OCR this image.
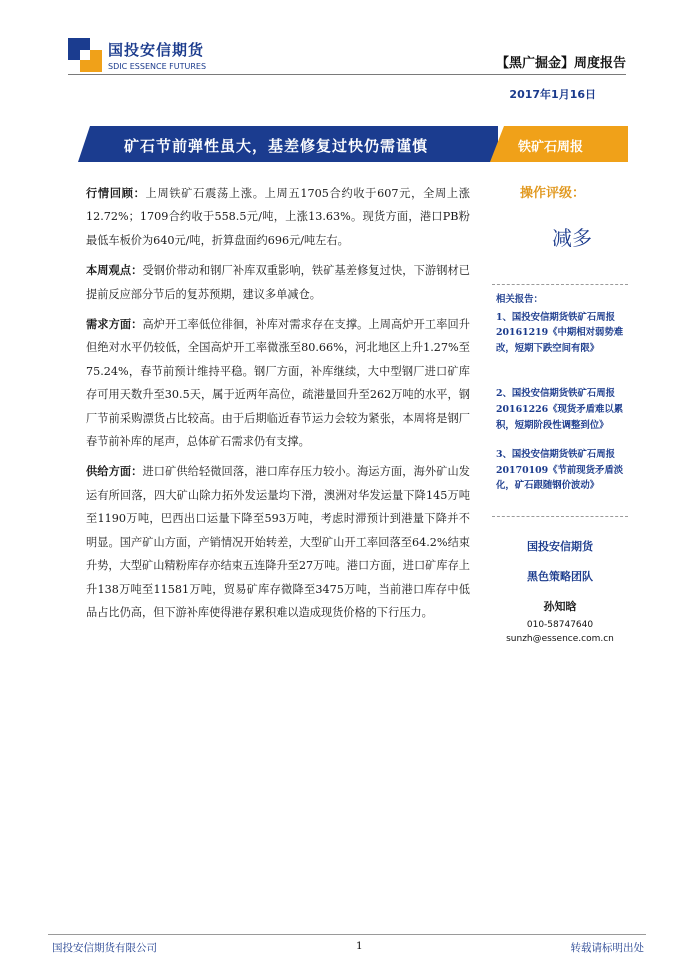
国投安信期货
SDIC ESSENCE FUTURES	【黑广掘金】周度报告
2017年1月16日
矿石节前弹性虽大，基差修复过快仍需谨慎	铁矿石周报

行情回顾：上周铁矿石震荡上涨。上周五1705合约收于607元，全周上涨12.72%；1709合约收于558.5元/吨，上涨13.63%。现货方面，港口PB粉最低车板价为640元/吨，折算盘面约696元/吨左右。

本周观点：受钢价带动和钢厂补库双重影响，铁矿基差修复过快，下游钢材已提前反应部分节后的复苏预期，建议多单减仓。

需求方面：高炉开工率低位徘徊，补库对需求存在支撑。上周高炉开工率回升但绝对水平仍较低，全国高炉开工率微涨至80.66%，河北地区上升1.27%至75.24%，春节前预计维持平稳。钢厂方面，补库继续，大中型钢厂进口矿库存可用天数升至30.5天，属于近两年高位，疏港量回升至262万吨的水平，钢厂节前采购漂货占比较高。由于后期临近春节运力会较为紧张，本周将是钢厂春节前补库的尾声，总体矿石需求仍有支撑。

供给方面：进口矿供给轻微回落，港口库存压力较小。海运方面，海外矿山发运有所回落，四大矿山除力拓外发运量均下滑，澳洲对华发运量下降145万吨至1190万吨，巴西出口运量下降至593万吨，考虑时滞预计到港量下降并不明显。国产矿山方面，产销情况开始转差，大型矿山开工率回落至64.2%结束升势，大型矿山精粉库存亦结束五连降升至27万吨。港口方面，进口矿库存上升138万吨至11581万吨，贸易矿库存微降至3475万吨，当前港口库存中低品占比仍高，但下游补库使得港存累积难以造成现货价格的下行压力。

操作评级：
减多
相关报告：

1、国投安信期货铁矿石周报20161219《中期相对弱势难改，短期下跌空间有限》

2、国投安信期货铁矿石周报20161226《现货矛盾难以累积，短期阶段性调整到位》

3、国投安信期货铁矿石周报20170109《节前现货矛盾淡化，矿石跟随钢价波动》

国投安信期货
黑色策略团队
孙知晗
010-58747640
sunzh@essence.com.cn
国投安信期货有限公司	1	转载请标明出处
